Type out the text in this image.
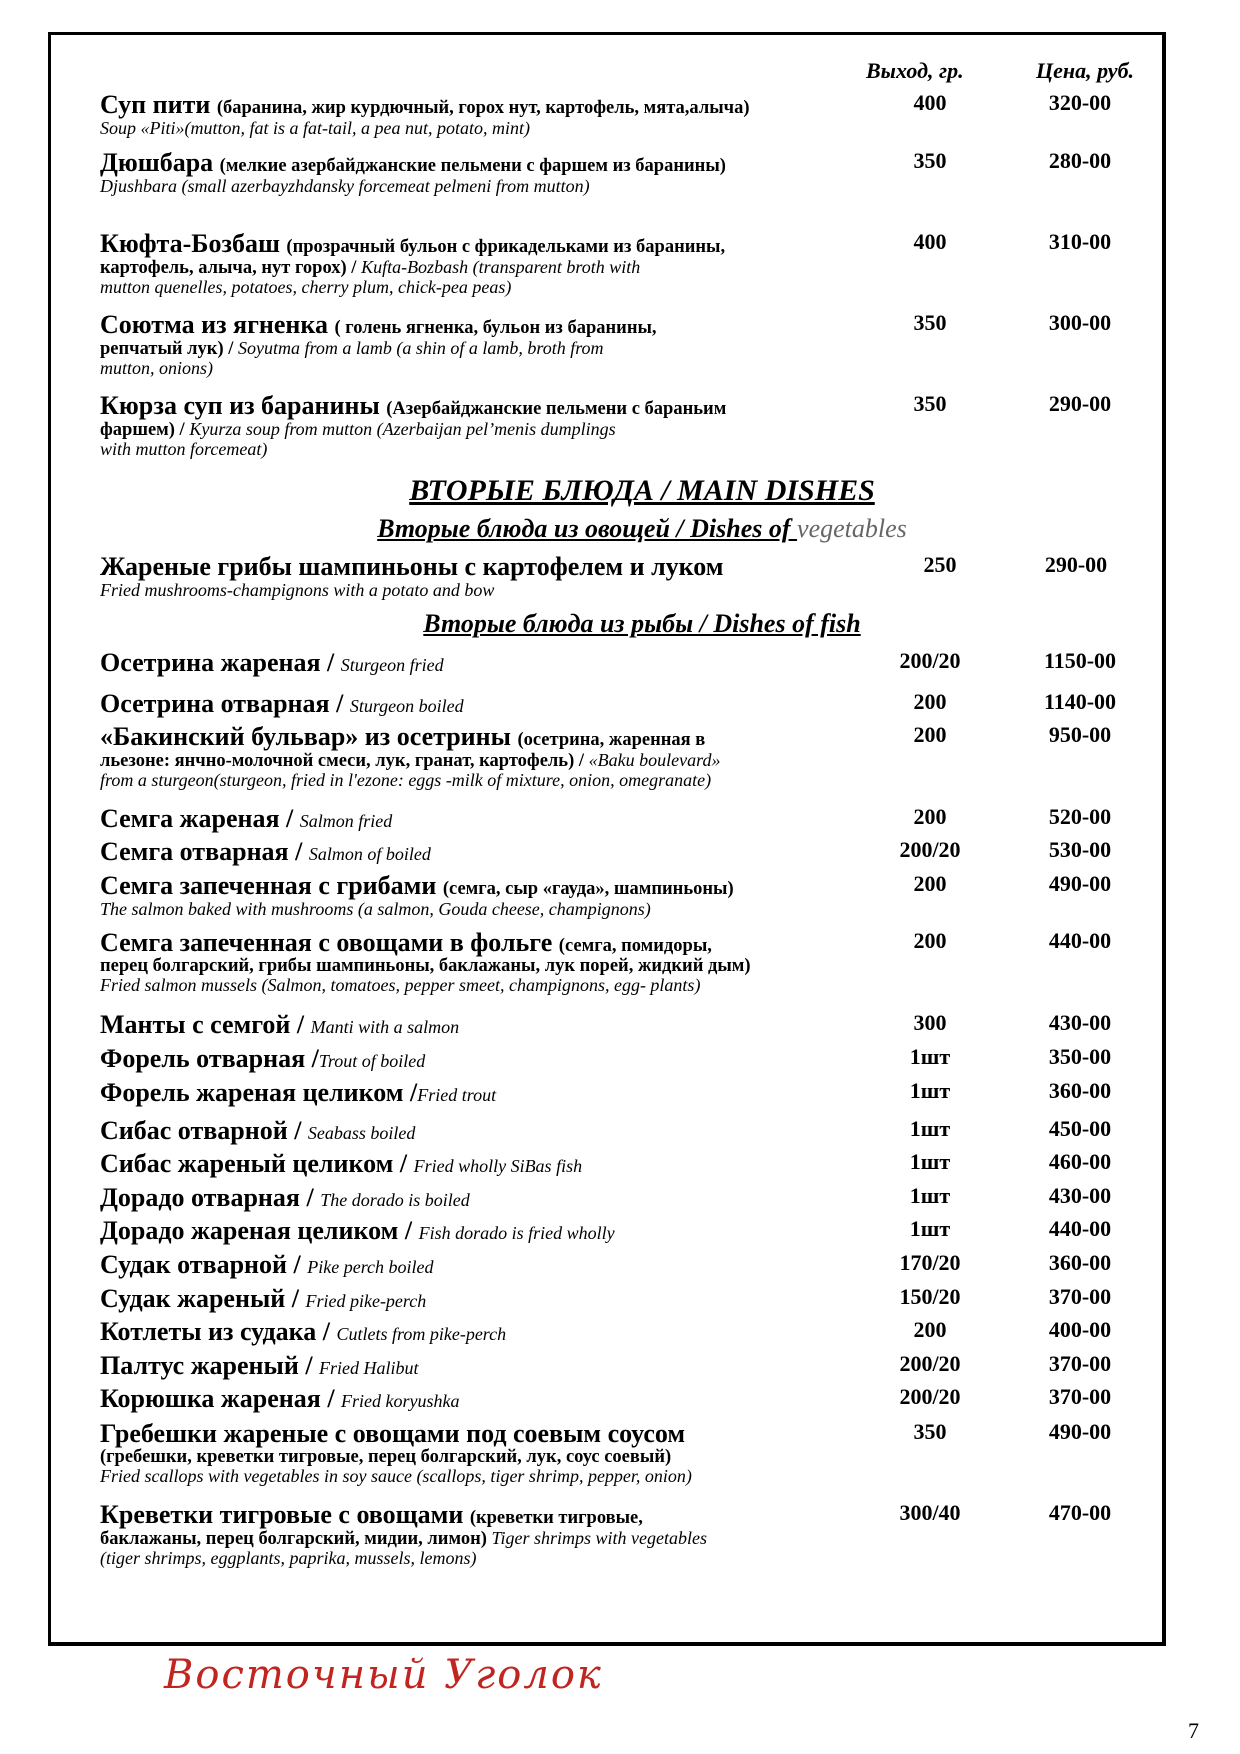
Выход, гр.	Цена, руб.
Суп пити (баранина, жир курдючный, горох нут, картофель, мята,алыча)
Soup «Piti»(mutton, fat is a fat-tail, a pea nut, potato, mint)
400	320-00
Дюшбара (мелкие азербайджанские пельмени с фаршем из баранины)
Djushbara (small azerbayzhdansky forcemeat pelmeni from mutton)
350	280-00
Кюфта-Бозбаш (прозрачный бульон с фрикадельками из баранины,
картофель, алыча, нут горох) / Kufta-Bozbash (transparent broth with
mutton quenelles, potatoes, cherry plum, chick-pea peas)
400	310-00
Соютма из ягненка ( голень ягненка, бульон из баранины,
репчатый лук) / Soyutma from a lamb (a shin of a lamb, broth from
mutton, onions)
350	300-00
Кюрза суп из баранины (Азербайджанские пельмени с бараньим
фаршем) / Kyurza soup from mutton (Azerbaijan pel’menis dumplings
with mutton forcemeat)
350	290-00
ВТОРЫЕ БЛЮДА / MAIN DISHES
Вторые блюда из овощей / Dishes of vegetables
Жареные грибы шампиньоны с картофелем и луком
Fried mushrooms-champignons with a potato and bow
250	290-00
Вторые блюда из рыбы / Dishes of fish
Осетрина жареная / Sturgeon fried	200/20	1150-00
Осетрина отварная / Sturgeon boiled	200	1140-00
«Бакинский бульвар» из осетрины (осетрина, жаренная в
льезоне: янчно-молочной смеси, лук, гранат, картофель) / «Baku boulevard»
from a sturgeon(sturgeon, fried in l'ezone: eggs -milk of mixture, onion, omegranate)
200	950-00
Семга жареная / Salmon fried	200	520-00
Семга отварная / Salmon of boiled	200/20	530-00
Семга запеченная с грибами (семга, сыр «гауда», шампиньоны)
The salmon baked with mushrooms (a salmon, Gouda cheese, champignons)
200	490-00
Семга запеченная с овощами в фольге (семга, помидоры,
перец болгарский, грибы шампиньоны, баклажаны, лук порей, жидкий дым)
Fried salmon mussels (Salmon, tomatoes, pepper smeet, champignons, egg- plants)
200	440-00
Манты с семгой / Manti with a salmon	300	430-00
Форель отварная /Trout of boiled	1шт	350-00
Форель жареная целиком /Fried trout	1шт	360-00
Сибас отварной / Seabass boiled	1шт	450-00
Сибас жареный целиком / Fried wholly SiBas fish	1шт	460-00
Дорадо отварная / The dorado is boiled	1шт	430-00
Дорадо жареная целиком / Fish dorado is fried wholly	1шт	440-00
Судак отварной / Pike perch boiled	170/20	360-00
Судак жареный / Fried pike-perch	150/20	370-00
Котлеты из судака / Cutlets from pike-perch	200	400-00
Палтус жареный / Fried Halibut	200/20	370-00
Корюшка жареная / Fried koryushka	200/20	370-00
Гребешки жареные с овощами под соевым соусом
(гребешки, креветки тигровые, перец болгарский, лук, соус соевый)
Fried scallops with vegetables in soy sauce (scallops, tiger shrimp, pepper, onion)
350	490-00
Креветки тигровые с овощами (креветки тигровые,
баклажаны, перец болгарский, мидии, лимон) Tiger shrimps with vegetables
(tiger shrimps, eggplants, paprika, mussels, lemons)
300/40	470-00
Восточный Уголок
7
